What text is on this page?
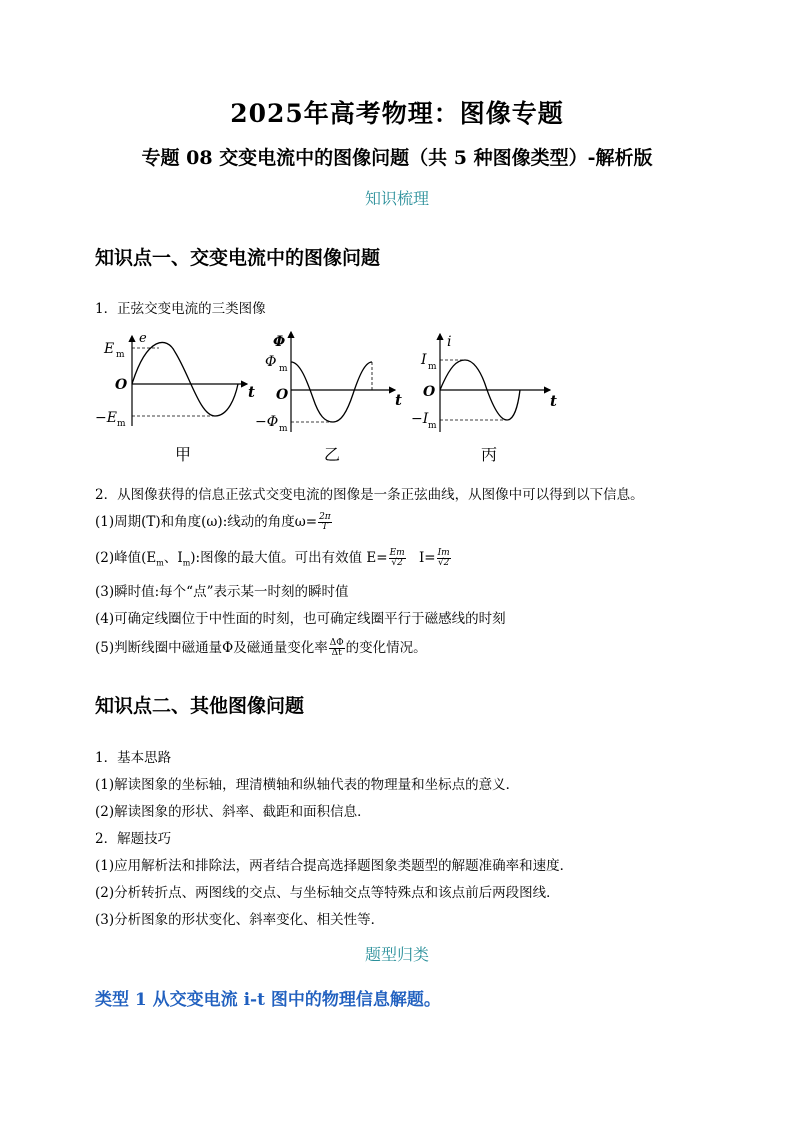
2025年高考物理：图像专题
专题 08 交变电流中的图像问题（共 5 种图像类型）-解析版
知识梳理
知识点一、交变电流中的图像问题
1．正弦交变电流的三类图像
e
t
O
E m
−E m
甲
Φ
t
O
Φ m
−Φ m
乙
i
t
O
I m
−I m
丙
2．从图像获得的信息正弦式交变电流的图像是一条正弦曲线，从图像中可以得到以下信息。
(1)周期(T)和角度(ω):线动的角度$\omega= \frac{2\pi}{T}$
(2)峰值($E_m$、$I_m$):图像的最大值。可出有效值 $E= \frac{Em}{√2} I= \frac{Im}{√2}$
(3)瞬时值:每个“点”表示某一时刻的瞬时值
(4)可确定线圈位于中性面的时刻，也可确定线圈平行于磁感线的时刻
(5)判断线圈中磁通量Φ及磁通量变化率 $\frac{\Delta\Phi}{\Delta t}$ 的变化情况。
知识点二、其他图像问题
1．基本思路
(1)解读图象的坐标轴，理清横轴和纵轴代表的物理量和坐标点的意义．
(2)解读图象的形状、斜率、截距和面积信息．
2．解题技巧
(1)应用解析法和排除法，两者结合提高选择题图象类题型的解题准确率和速度．
(2)分析转折点、两图线的交点、与坐标轴交点等特殊点和该点前后两段图线．
(3)分析图象的形状变化、斜率变化、相关性等．
题型归类
类型 1 从交变电流 i-t 图中的物理信息解题。
